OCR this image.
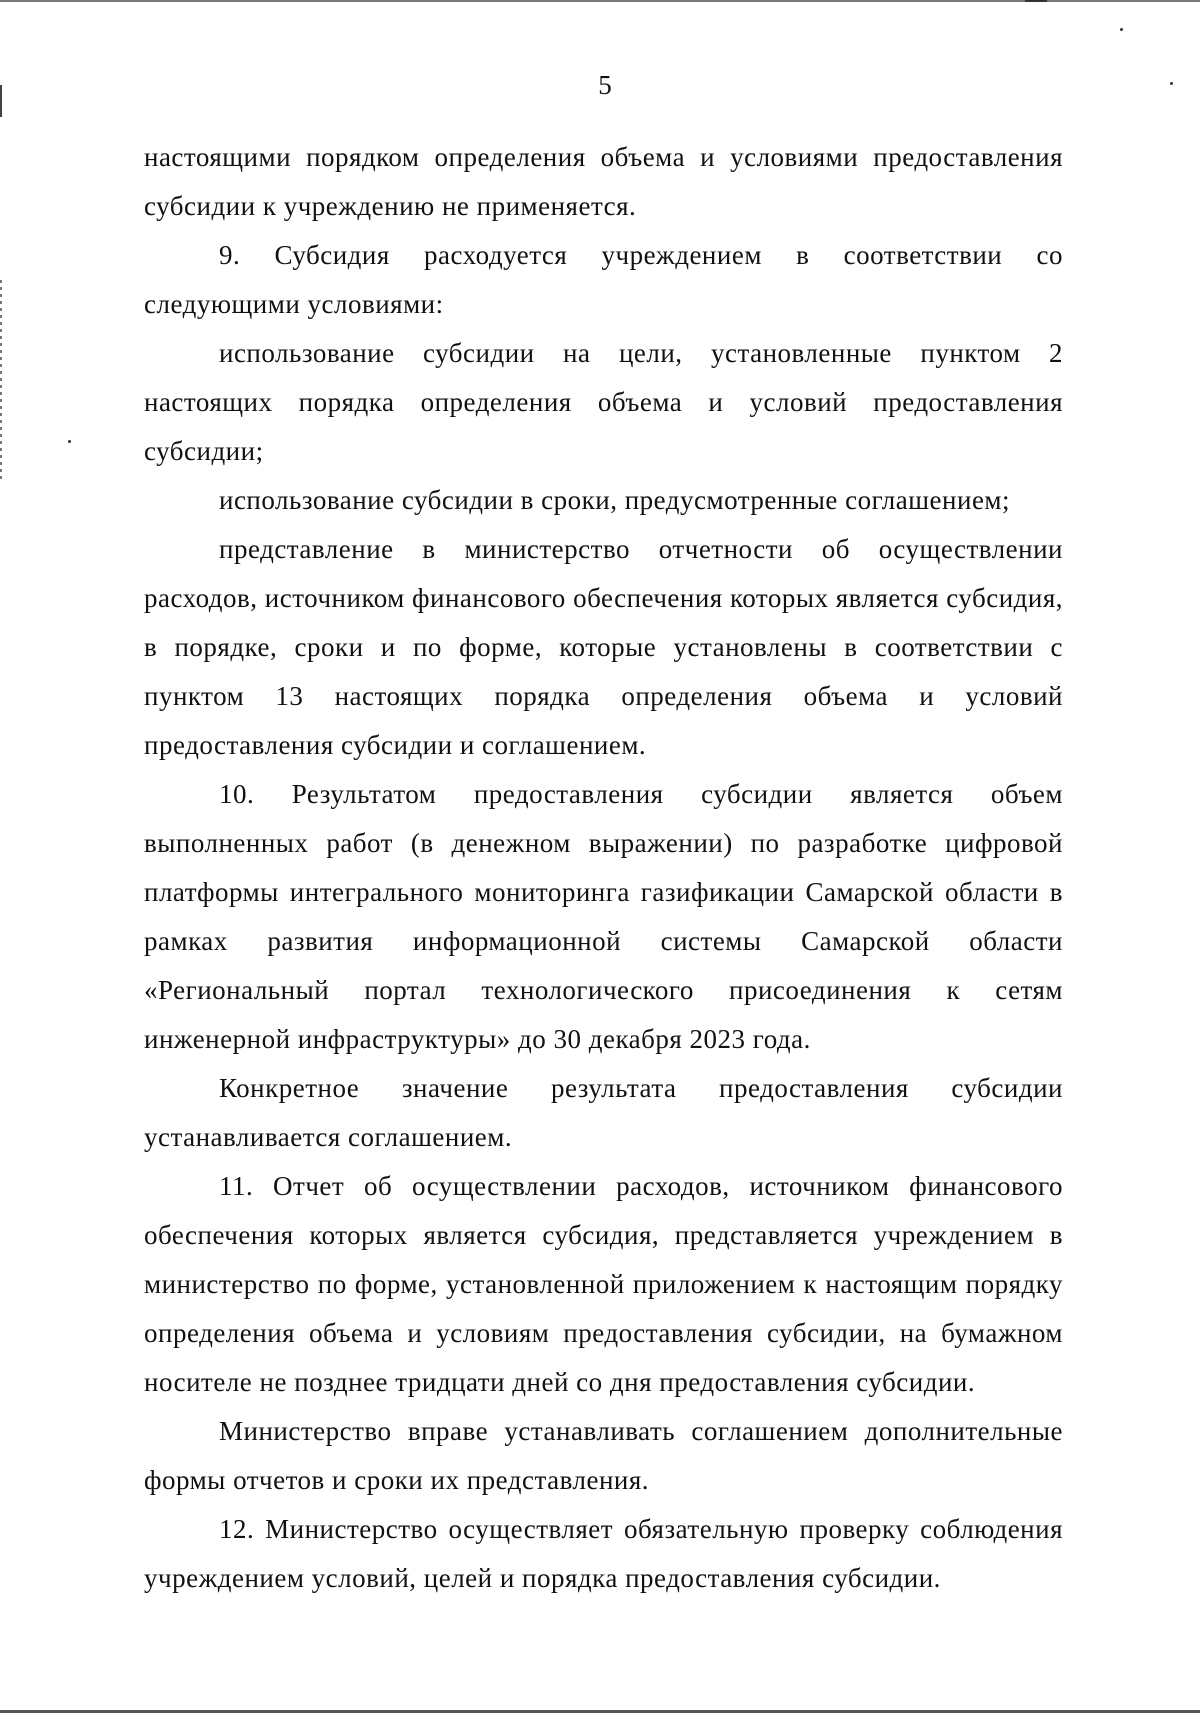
5

настоящими порядком определения объема и условиями предоставления субсидии к учреждению не применяется.

9. Субсидия расходуется учреждением в соответствии со следующими условиями:

использование субсидии на цели, установленные пунктом 2 настоящих порядка определения объема и условий предоставления субсидии;

использование субсидии в сроки, предусмотренные соглашением;

представление в министерство отчетности об осуществлении расходов, источником финансового обеспечения которых является субсидия, в порядке, сроки и по форме, которые установлены в соответствии с пунктом 13 настоящих порядка определения объема и условий предоставления субсидии и соглашением.

10. Результатом предоставления субсидии является объем выполненных работ (в денежном выражении) по разработке цифровой платформы интегрального мониторинга газификации Самарской области в рамках развития информационной системы Самарской области «Региональный портал технологического присоединения к сетям инженерной инфраструктуры» до 30 декабря 2023 года.

Конкретное значение результата предоставления субсидии устанавливается соглашением.

11. Отчет об осуществлении расходов, источником финансового обеспечения которых является субсидия, представляется учреждением в министерство по форме, установленной приложением к настоящим порядку определения объема и условиям предоставления субсидии, на бумажном носителе не позднее тридцати дней со дня предоставления субсидии.

Министерство вправе устанавливать соглашением дополнительные формы отчетов и сроки их представления.

12. Министерство осуществляет обязательную проверку соблюдения учреждением условий, целей и порядка предоставления субсидии.
